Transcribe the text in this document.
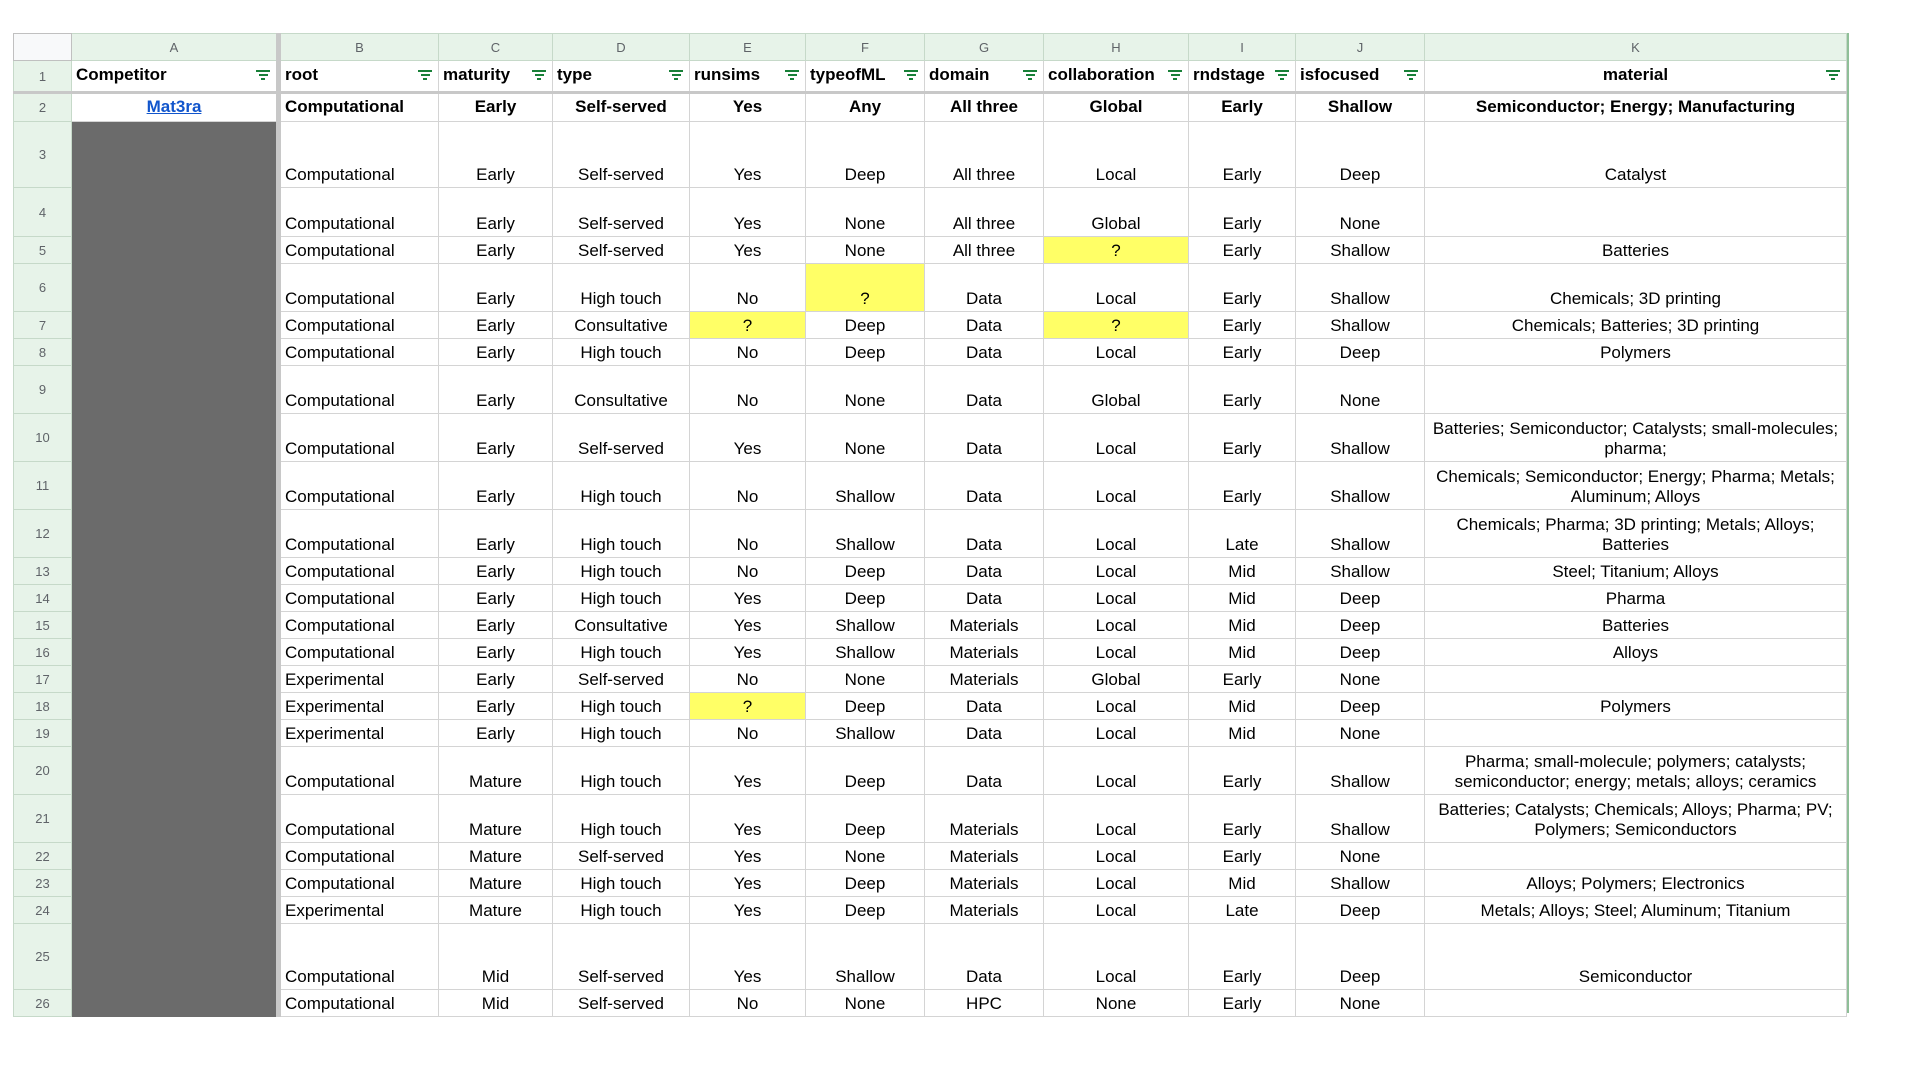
	A	B	C	D	E	F	G	H	I	J	K
1	Competitor	root	maturity	type	runsims	typeofML	domain	collaboration	rndstage	isfocused	material

2	Mat3ra	Computational	Early	Self-served	Yes	Any	All three	Global	Early	Shallow	Semiconductor; Energy; Manufacturing
3		Computational	Early	Self-served	Yes	Deep	All three	Local	Early	Deep	Catalyst
4		Computational	Early	Self-served	Yes	None	All three	Global	Early	None	
5		Computational	Early	Self-served	Yes	None	All three	?	Early	Shallow	Batteries
6		Computational	Early	High touch	No	?	Data	Local	Early	Shallow	Chemicals; 3D printing
7		Computational	Early	Consultative	?	Deep	Data	?	Early	Shallow	Chemicals; Batteries; 3D printing
8		Computational	Early	High touch	No	Deep	Data	Local	Early	Deep	Polymers
9		Computational	Early	Consultative	No	None	Data	Global	Early	None	
10		Computational	Early	Self-served	Yes	None	Data	Local	Early	Shallow	Batteries; Semiconductor; Catalysts; small-molecules; pharma;
11		Computational	Early	High touch	No	Shallow	Data	Local	Early	Shallow	Chemicals; Semiconductor; Energy; Pharma; Metals; Aluminum; Alloys
12		Computational	Early	High touch	No	Shallow	Data	Local	Late	Shallow	Chemicals; Pharma; 3D printing; Metals; Alloys; Batteries
13		Computational	Early	High touch	No	Deep	Data	Local	Mid	Shallow	Steel; Titanium; Alloys
14		Computational	Early	High touch	Yes	Deep	Data	Local	Mid	Deep	Pharma
15		Computational	Early	Consultative	Yes	Shallow	Materials	Local	Mid	Deep	Batteries
16		Computational	Early	High touch	Yes	Shallow	Materials	Local	Mid	Deep	Alloys
17		Experimental	Early	Self-served	No	None	Materials	Global	Early	None	
18		Experimental	Early	High touch	?	Deep	Data	Local	Mid	Deep	Polymers
19		Experimental	Early	High touch	No	Shallow	Data	Local	Mid	None	
20		Computational	Mature	High touch	Yes	Deep	Data	Local	Early	Shallow	Pharma; small-molecule; polymers; catalysts; semiconductor; energy; metals; alloys; ceramics
21		Computational	Mature	High touch	Yes	Deep	Materials	Local	Early	Shallow	Batteries; Catalysts; Chemicals; Alloys; Pharma; PV; Polymers; Semiconductors
22		Computational	Mature	Self-served	Yes	None	Materials	Local	Early	None	
23		Computational	Mature	High touch	Yes	Deep	Materials	Local	Mid	Shallow	Alloys; Polymers; Electronics
24		Experimental	Mature	High touch	Yes	Deep	Materials	Local	Late	Deep	Metals; Alloys; Steel; Aluminum; Titanium
25		Computational	Mid	Self-served	Yes	Shallow	Data	Local	Early	Deep	Semiconductor
26		Computational	Mid	Self-served	No	None	HPC	None	Early	None	
